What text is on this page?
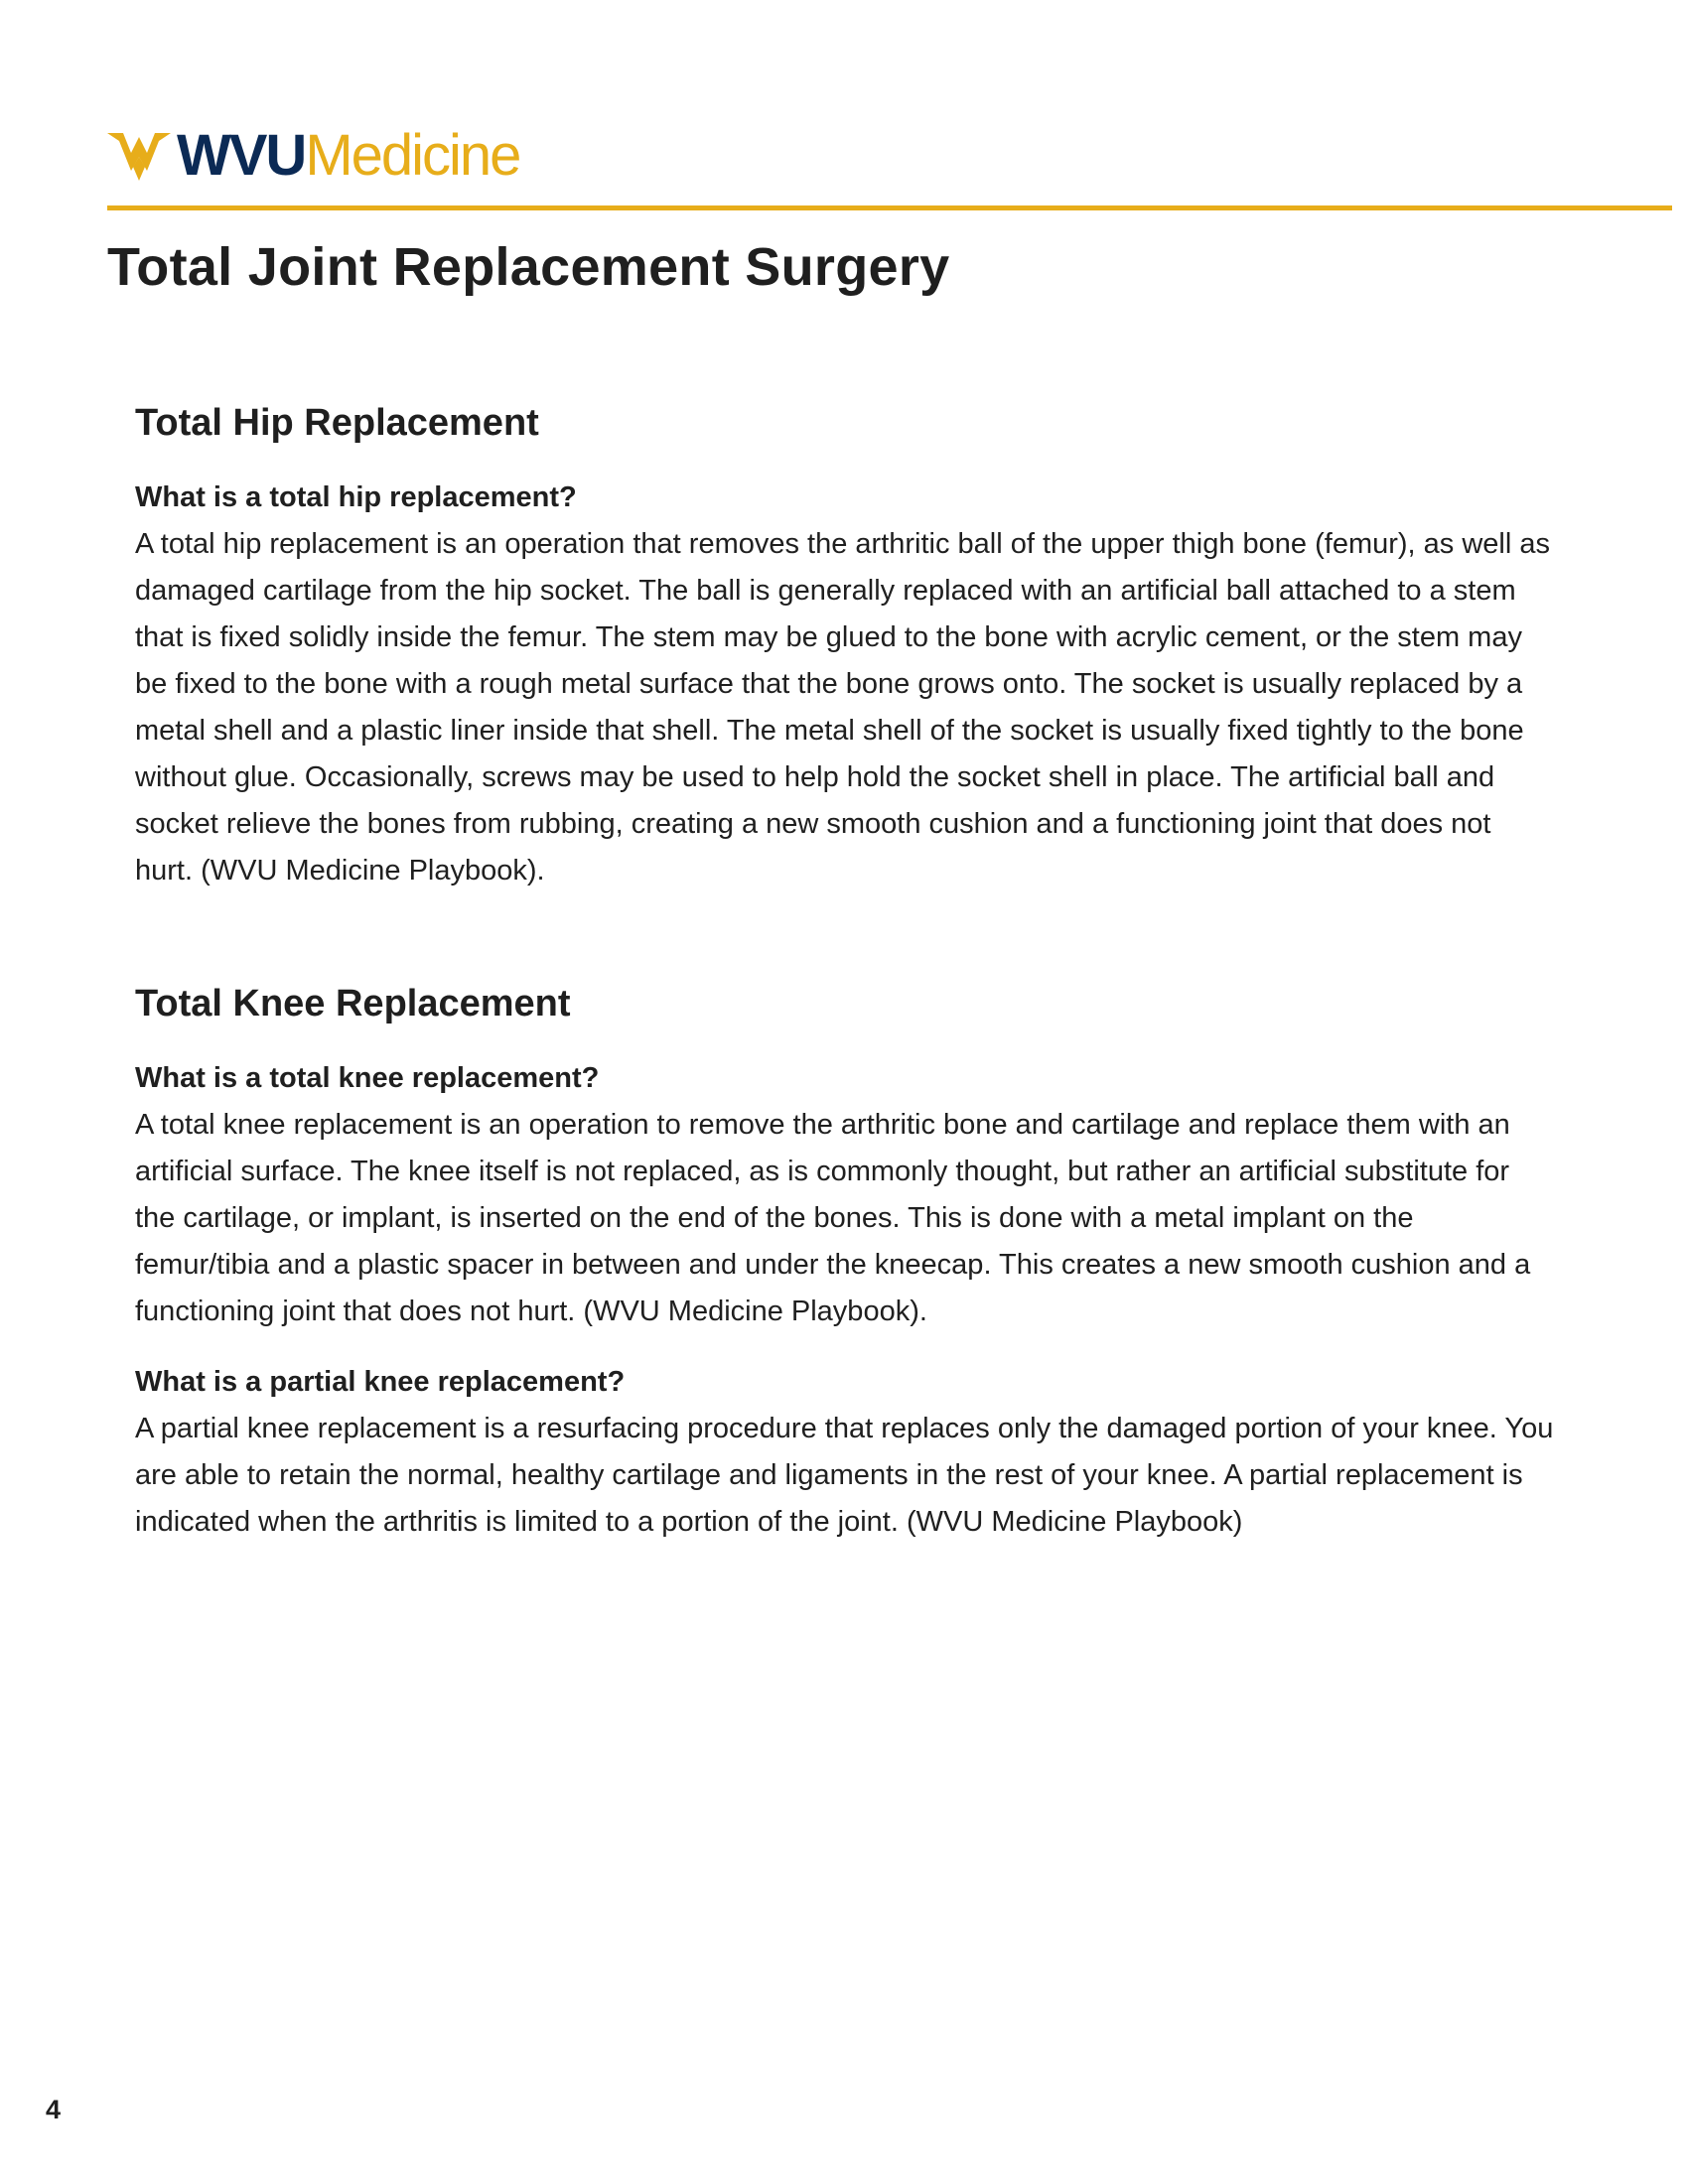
WVUMedicine
Total Joint Replacement Surgery
Total Hip Replacement

What is a total hip replacement?

A total hip replacement is an operation that removes the arthritic ball of the upper thigh bone (femur), as well as damaged cartilage from the hip socket. The ball is generally replaced with an artificial ball attached to a stem that is fixed solidly inside the femur. The stem may be glued to the bone with acrylic cement, or the stem may be fixed to the bone with a rough metal surface that the bone grows onto. The socket is usually replaced by a metal shell and a plastic liner inside that shell. The metal shell of the socket is usually fixed tightly to the bone without glue. Occasionally, screws may be used to help hold the socket shell in place. The artificial ball and socket relieve the bones from rubbing, creating a new smooth cushion and a functioning joint that does not hurt. (WVU Medicine Playbook).

Total Knee Replacement

What is a total knee replacement?

A total knee replacement is an operation to remove the arthritic bone and cartilage and replace them with an artificial surface. The knee itself is not replaced, as is commonly thought, but rather an artificial substitute for the cartilage, or implant, is inserted on the end of the bones. This is done with a metal implant on the femur/tibia and a plastic spacer in between and under the kneecap. This creates a new smooth cushion and a functioning joint that does not hurt. (WVU Medicine Playbook).

What is a partial knee replacement?

A partial knee replacement is a resurfacing procedure that replaces only the damaged portion of your knee. You are able to retain the normal, healthy cartilage and ligaments in the rest of your knee. A partial replacement is indicated when the arthritis is limited to a portion of the joint. (WVU Medicine Playbook)

4
